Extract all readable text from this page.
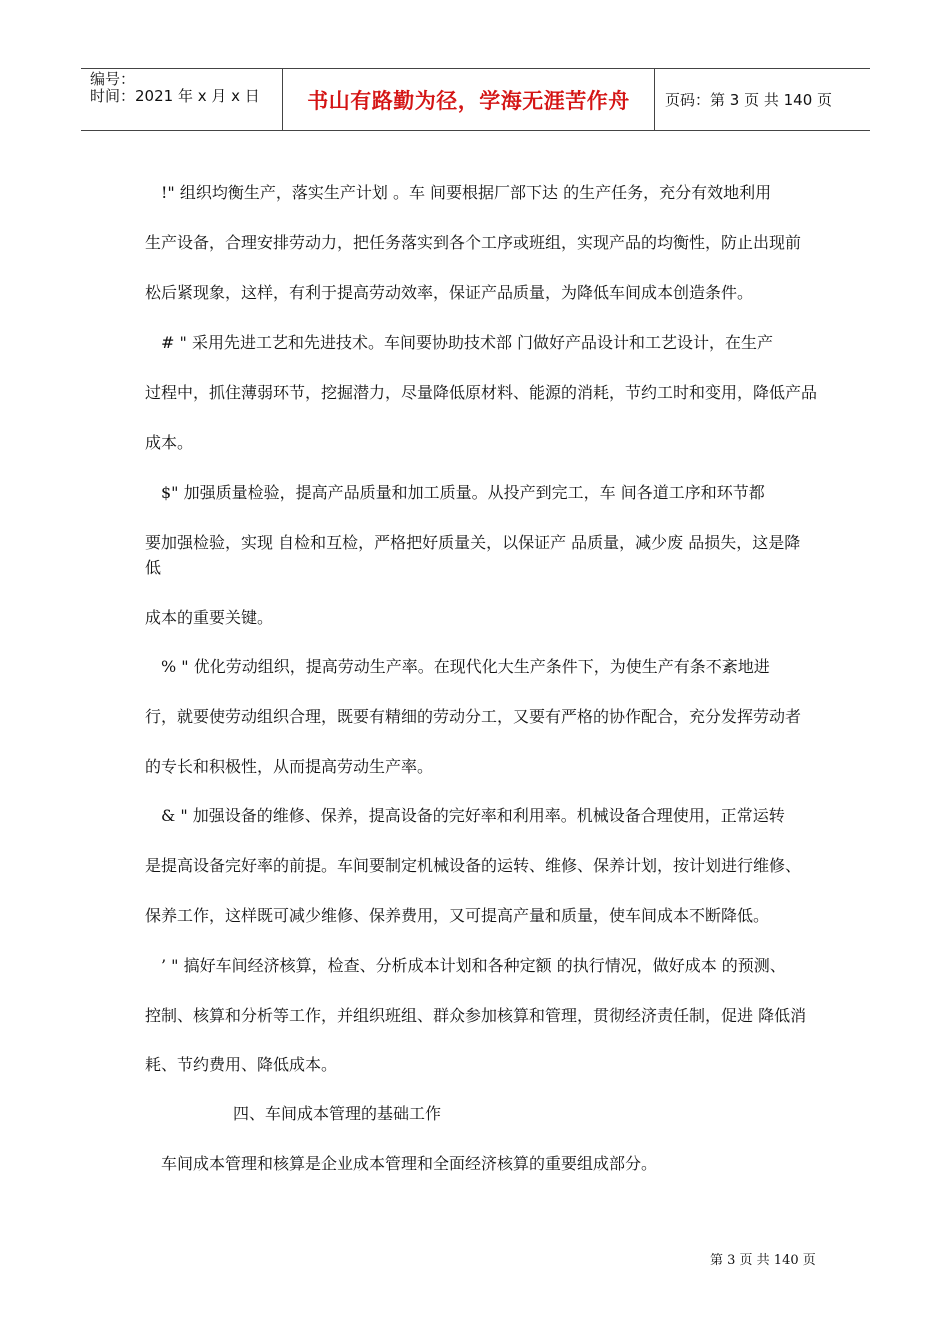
编号：
时间：2021 年 x 月 x 日	书山有路勤为径，学海无涯苦作舟 页码：第 3 页 共 140 页
!" 组织均衡生产，落实生产计划 。车 间要根据厂部下达 的生产任务，充分有效地利用
生产设备，合理安排劳动力，把任务落实到各个工序或班组，实现产品的均衡性，防止出现前
松后紧现象，这样，有利于提高劳动效率，保证产品质量，为降低车间成本创造条件。
# " 采用先进工艺和先进技术。车间要协助技术部 门做好产品设计和工艺设计，在生产
过程中，抓住薄弱环节，挖掘潜力，尽量降低原材料、能源的消耗，节约工时和变用，降低产品
成本。
$" 加强质量检验，提高产品质量和加工质量。从投产到完工，车 间各道工序和环节都
要加强检验，实现 自检和互检，严格把好质量关，以保证产 品质量，减少废 品损失，这是降
低
成本的重要关键。
% " 优化劳动组织，提高劳动生产率。在现代化大生产条件下，为使生产有条不紊地进
行，就要使劳动组织合理，既要有精细的劳动分工，又要有严格的协作配合，充分发挥劳动者
的专长和积极性，从而提高劳动生产率。
& " 加强设备的维修、保养，提高设备的完好率和利用率。机械设备合理使用，正常运转
是提高设备完好率的前提。车间要制定机械设备的运转、维修、保养计划，按计划进行维修、
保养工作，这样既可减少维修、保养费用，又可提高产量和质量，使车间成本不断降低。
’ " 搞好车间经济核算，检查、分析成本计划和各种定额 的执行情况，做好成本 的预测、
控制、核算和分析等工作，并组织班组、群众参加核算和管理，贯彻经济责任制，促进 降低消
耗、节约费用、降低成本。
四、车间成本管理的基础工作
车间成本管理和核算是企业成本管理和全面经济核算的重要组成部分。
第 3 页 共 140 页
